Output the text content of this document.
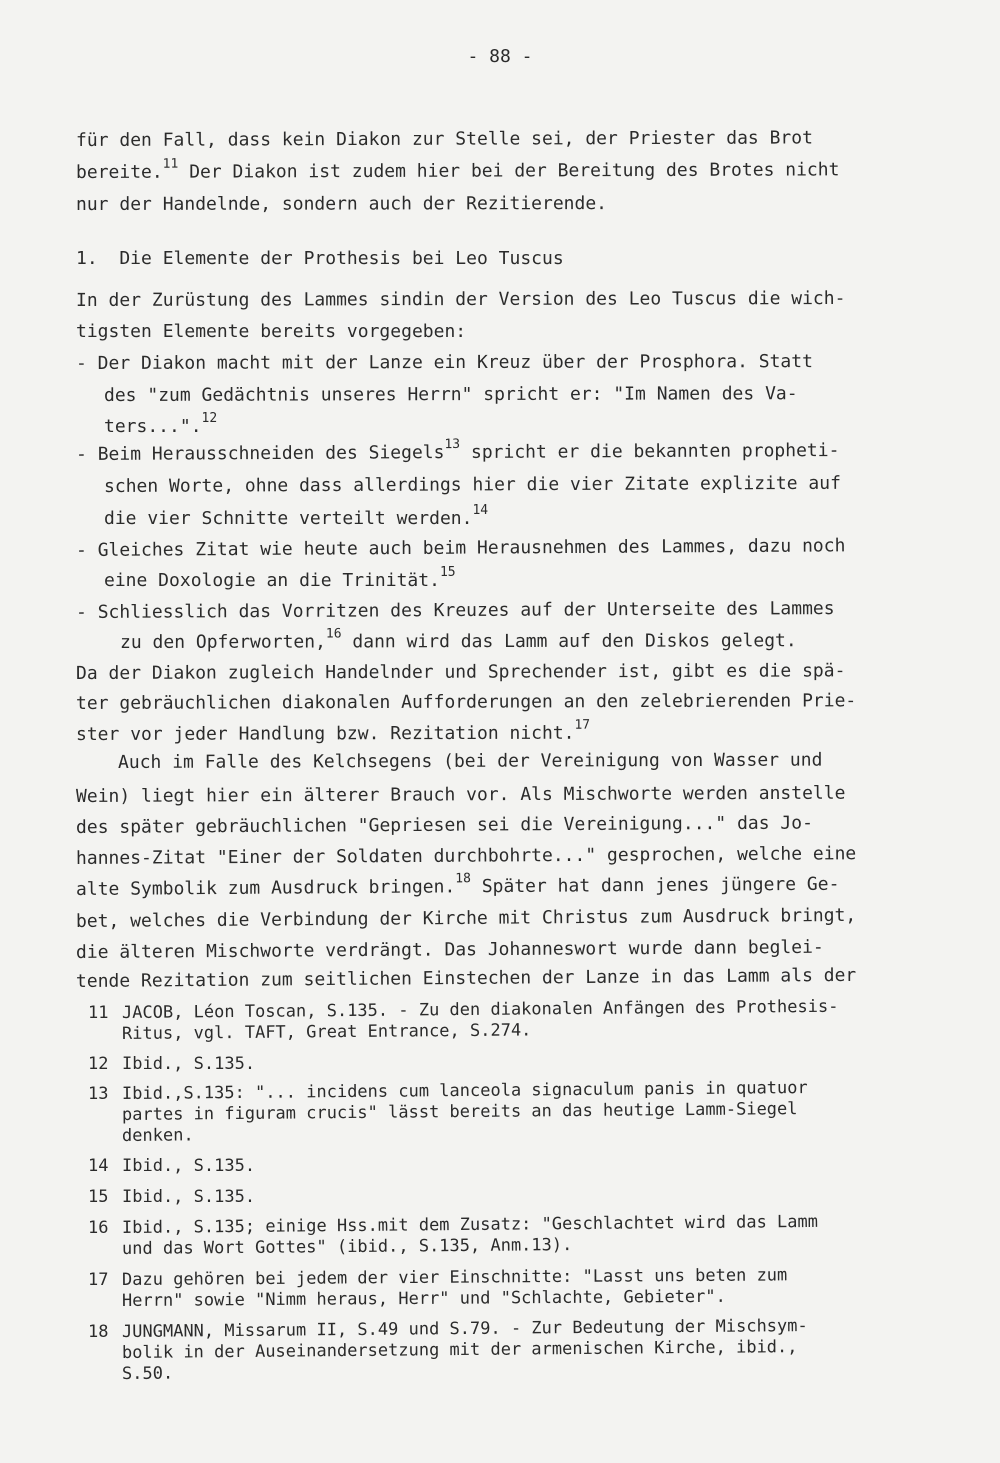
- 88 -
für den Fall, dass kein Diakon zur Stelle sei, der Priester das Brot
bereite.$^{11}$ Der Diakon ist zudem hier bei der Bereitung des Brotes nicht
nur der Handelnde, sondern auch der Rezitierende.
1.  Die Elemente der Prothesis bei Leo Tuscus
In der Zurüstung des Lammes sindin der Version des Leo Tuscus die wich-
tigsten Elemente bereits vorgegeben:
- Der Diakon macht mit der Lanze ein Kreuz über der Prosphora. Statt
des "zum Gedächtnis unseres Herrn" spricht er: "Im Namen des Va-
ters...".$^{12}$
- Beim Herausschneiden des Siegels$^{13}$ spricht er die bekannten propheti-
schen Worte, ohne dass allerdings hier die vier Zitate explizite auf
die vier Schnitte verteilt werden.$^{14}$
- Gleiches Zitat wie heute auch beim Herausnehmen des Lammes, dazu noch
eine Doxologie an die Trinität.$^{15}$
- Schliesslich das Vorritzen des Kreuzes auf der Unterseite des Lammes
zu den Opferworten,$^{16}$ dann wird das Lamm auf den Diskos gelegt.
Da der Diakon zugleich Handelnder und Sprechender ist, gibt es die spä-
ter gebräuchlichen diakonalen Aufforderungen an den zelebrierenden Prie-
ster vor jeder Handlung bzw. Rezitation nicht.$^{17}$
Auch im Falle des Kelchsegens (bei der Vereinigung von Wasser und
Wein) liegt hier ein älterer Brauch vor. Als Mischworte werden anstelle
des später gebräuchlichen "Gepriesen sei die Vereinigung..." das Jo-
hannes-Zitat "Einer der Soldaten durchbohrte..." gesprochen, welche eine
alte Symbolik zum Ausdruck bringen.$^{18}$ Später hat dann jenes jüngere Ge-
bet, welches die Verbindung der Kirche mit Christus zum Ausdruck bringt,
die älteren Mischworte verdrängt. Das Johanneswort wurde dann beglei-
tende Rezitation zum seitlichen Einstechen der Lanze in das Lamm als der
11 JACOB, Léon Toscan, S.135. - Zu den diakonalen Anfängen des Prothesis-
Ritus, vgl. TAFT, Great Entrance, S.274.
12 Ibid., S.135.
13 Ibid.,S.135: "... incidens cum lanceola signaculum panis in quatuor
partes in figuram crucis" lässt bereits an das heutige Lamm-Siegel
denken.
14 Ibid., S.135.
15 Ibid., S.135.
16 Ibid., S.135; einige Hss.mit dem Zusatz: "Geschlachtet wird das Lamm
und das Wort Gottes" (ibid., S.135, Anm.13).
17 Dazu gehören bei jedem der vier Einschnitte: "Lasst uns beten zum
Herrn" sowie "Nimm heraus, Herr" und "Schlachte, Gebieter".
18 JUNGMANN, Missarum II, S.49 und S.79. - Zur Bedeutung der Mischsym-
bolik in der Auseinandersetzung mit der armenischen Kirche, ibid.,
S.50.
